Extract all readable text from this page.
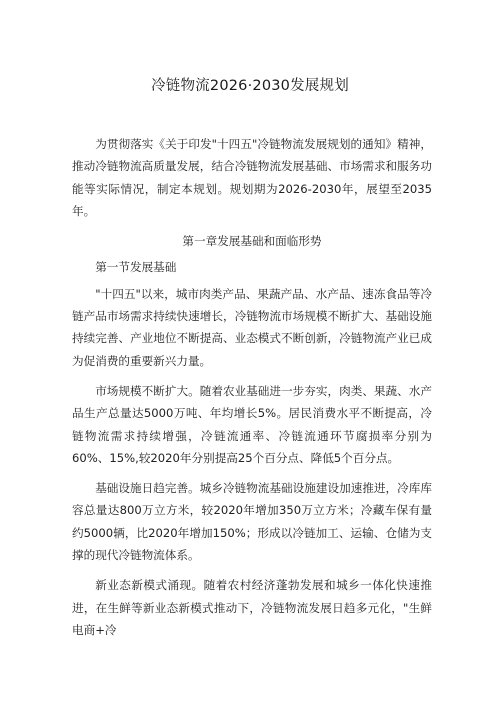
冷链物流2026·2030发展规划

为贯彻落实《关于印发"十四五"冷链物流发展规划的通知》精神，推动冷链物流高质量发展，结合冷链物流发展基础、市场需求和服务功能等实际情况，制定本规划。规划期为2026-2030年，展望至2035年。

第一章发展基础和面临形势

第一节发展基础

"十四五"以来，城市肉类产品、果蔬产品、水产品、速冻食品等冷链产品市场需求持续快速增长，冷链物流市场规模不断扩大、基础设施持续完善、产业地位不断提高、业态模式不断创新，冷链物流产业已成为促消费的重要新兴力量。

市场规模不断扩大。随着农业基础进一步夯实，肉类、果蔬、水产品生产总量达5000万吨、年均增长5%。居民消费水平不断提高，冷链物流需求持续增强，冷链流通率、冷链流通环节腐损率分别为60%、15%,较2020年分别提高25个百分点、降低5个百分点。

基础设施日趋完善。城乡冷链物流基础设施建设加速推进，冷库库容总量达800万立方米，较2020年增加350万立方米；冷藏车保有量约5000辆，比2020年增加150%；形成以冷链加工、运输、仓储为支撑的现代冷链物流体系。

新业态新模式涌现。随着农村经济蓬勃发展和城乡一体化快速推进，在生鲜等新业态新模式推动下，冷链物流发展日趋多元化，"生鲜电商+冷
